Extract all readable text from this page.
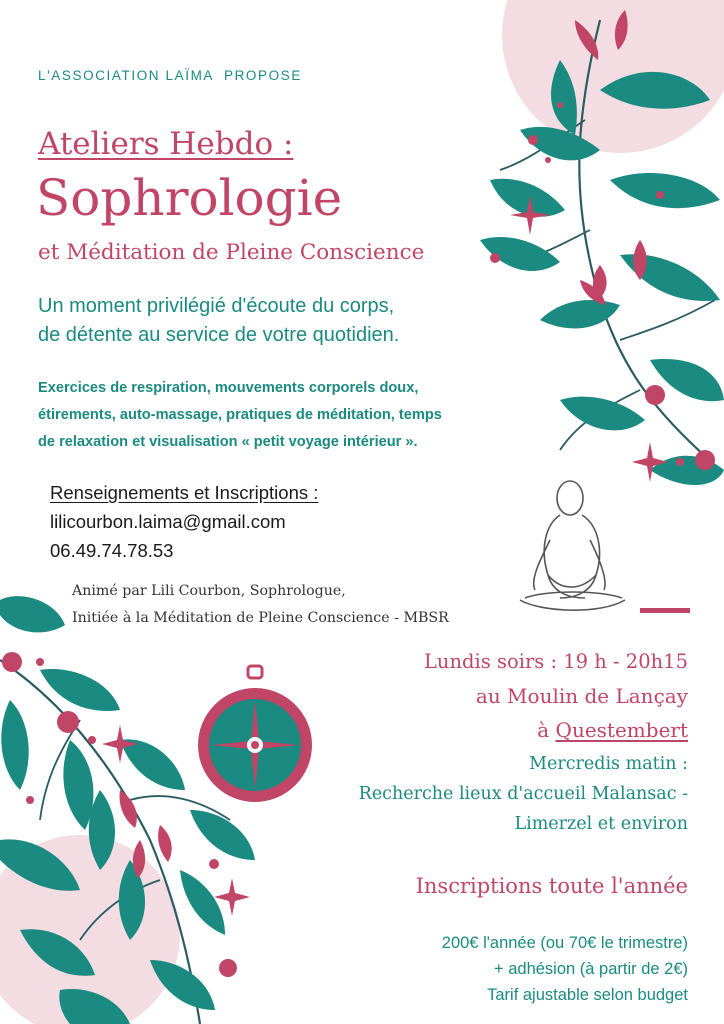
L'ASSOCIATION LAÏMA  PROPOSE
Ateliers Hebdo :
Sophrologie
et Méditation de Pleine Conscience
Un moment privilégié d'écoute du corps,
de détente au service de votre quotidien.
Exercices de respiration, mouvements corporels doux,
étirements, auto-massage, pratiques de méditation, temps
de relaxation et visualisation « petit voyage intérieur ».
Renseignements et Inscriptions :
lilicourbon.laima@gmail.com
06.49.74.78.53
Animé par Lili Courbon, Sophrologue,
Initiée à la Méditation de Pleine Conscience - MBSR
Lundis soirs : 19 h - 20h15
au Moulin de Lançay
à Questembert
Mercredis matin :
Recherche lieux d'accueil Malansac -
Limerzel et environ
Inscriptions toute l'année
200€ l'année (ou 70€ le trimestre)
+ adhésion (à partir de 2€)
Tarif ajustable selon budget
